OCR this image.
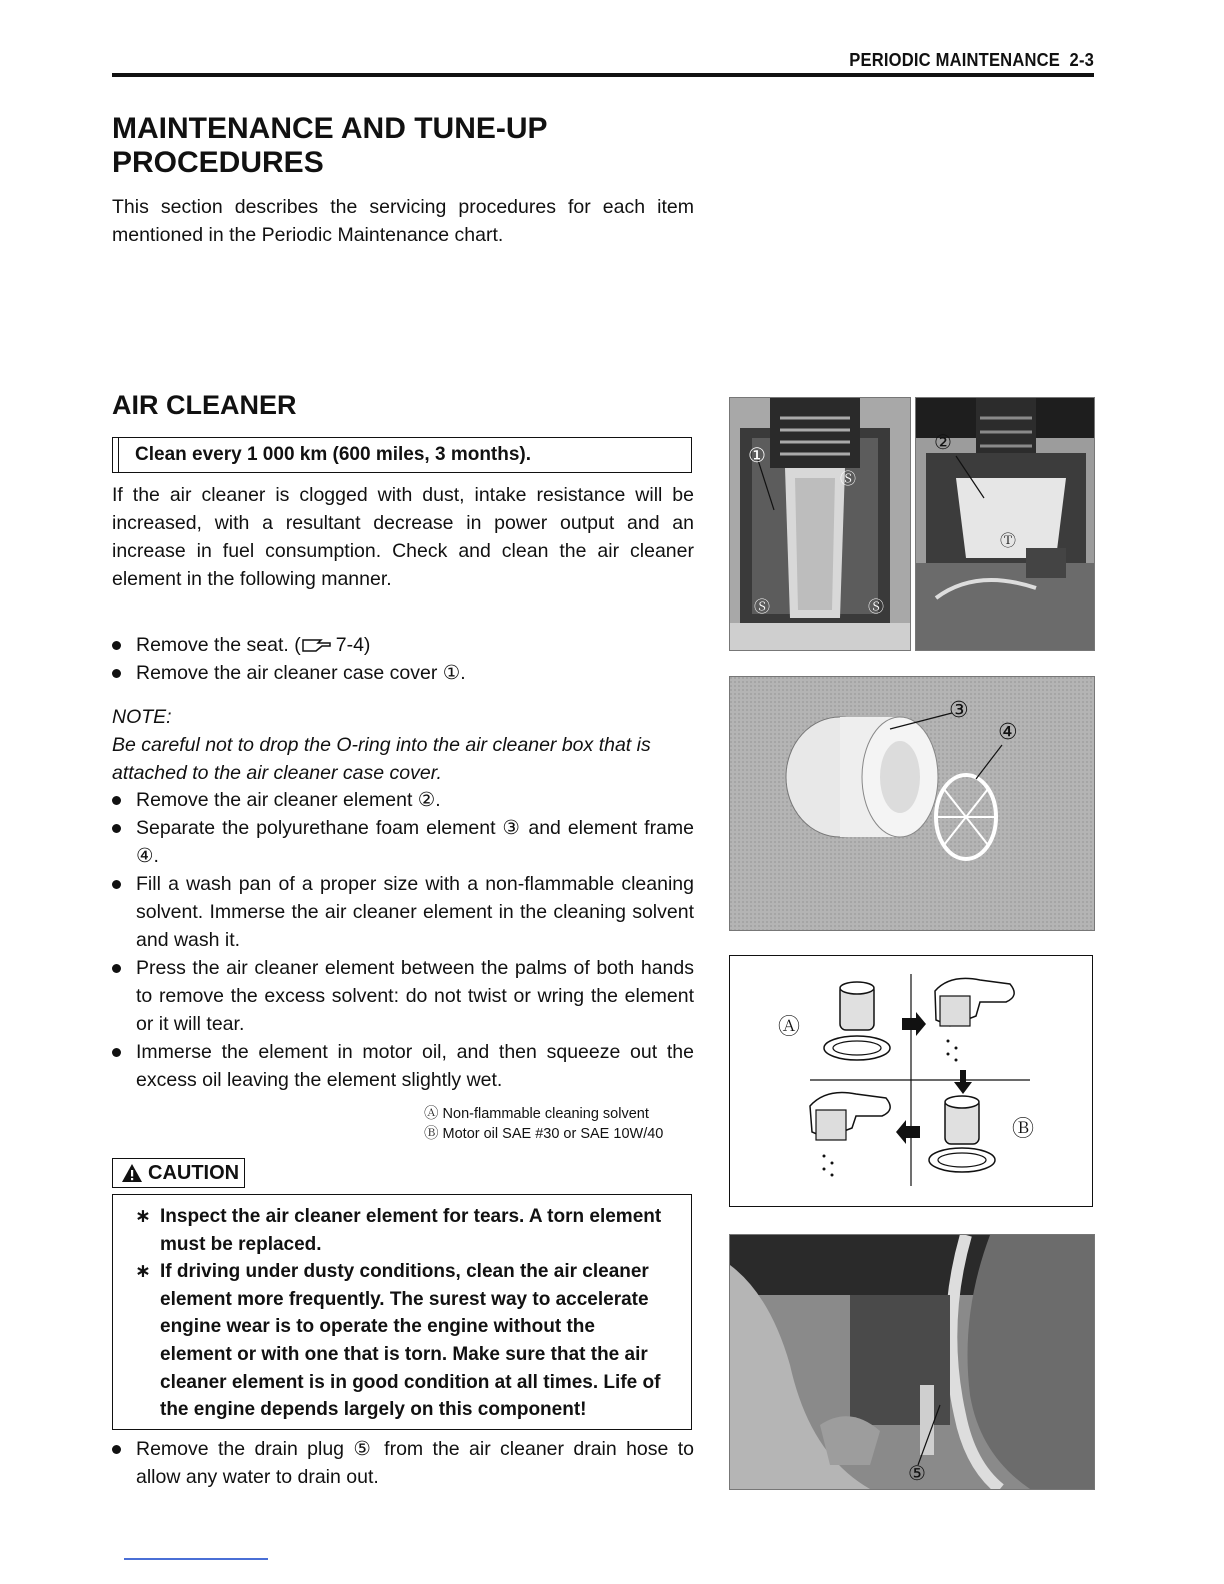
PERIODIC MAINTENANCE 2-3
MAINTENANCE AND TUNE-UP
PROCEDURES
This section describes the servicing procedures for each item mentioned in the Periodic Maintenance chart.
AIR CLEANER
Clean every 1 000 km (600 miles, 3 months).
If the air cleaner is clogged with dust, intake resistance will be increased, with a resultant decrease in power output and an increase in fuel consumption. Check and clean the air cleaner element in the following manner.
Remove the seat. ( 7-4)
Remove the air cleaner case cover ①.
NOTE:
Be careful not to drop the O-ring into the air cleaner box that is attached to the air cleaner case cover.
Remove the air cleaner element ②.
Separate the polyurethane foam element ③ and element frame ④.
Fill a wash pan of a proper size with a non-flammable cleaning solvent. Immerse the air cleaner element in the cleaning solvent and wash it.
Press the air cleaner element between the palms of both hands to remove the excess solvent: do not twist or wring the element or it will tear.
Immerse the element in motor oil, and then squeeze out the excess oil leaving the element slightly wet.
Ⓐ Non-flammable cleaning solvent
Ⓑ Motor oil SAE #30 or SAE 10W/40
CAUTION
∗ Inspect the air cleaner element for tears. A torn element must be replaced.
∗ If driving under dusty conditions, clean the air cleaner element more frequently. The surest way to accelerate engine wear is to operate the engine without the element or with one that is torn. Make sure that the air cleaner element is in good condition at all times. Life of the engine depends largely on this component!
Remove the drain plug ⑤ from the air cleaner drain hose to allow any water to drain out.
①
Ⓢ
Ⓢ	Ⓢ
②
Ⓣ
③
④
Ⓐ
Ⓑ
⑤
